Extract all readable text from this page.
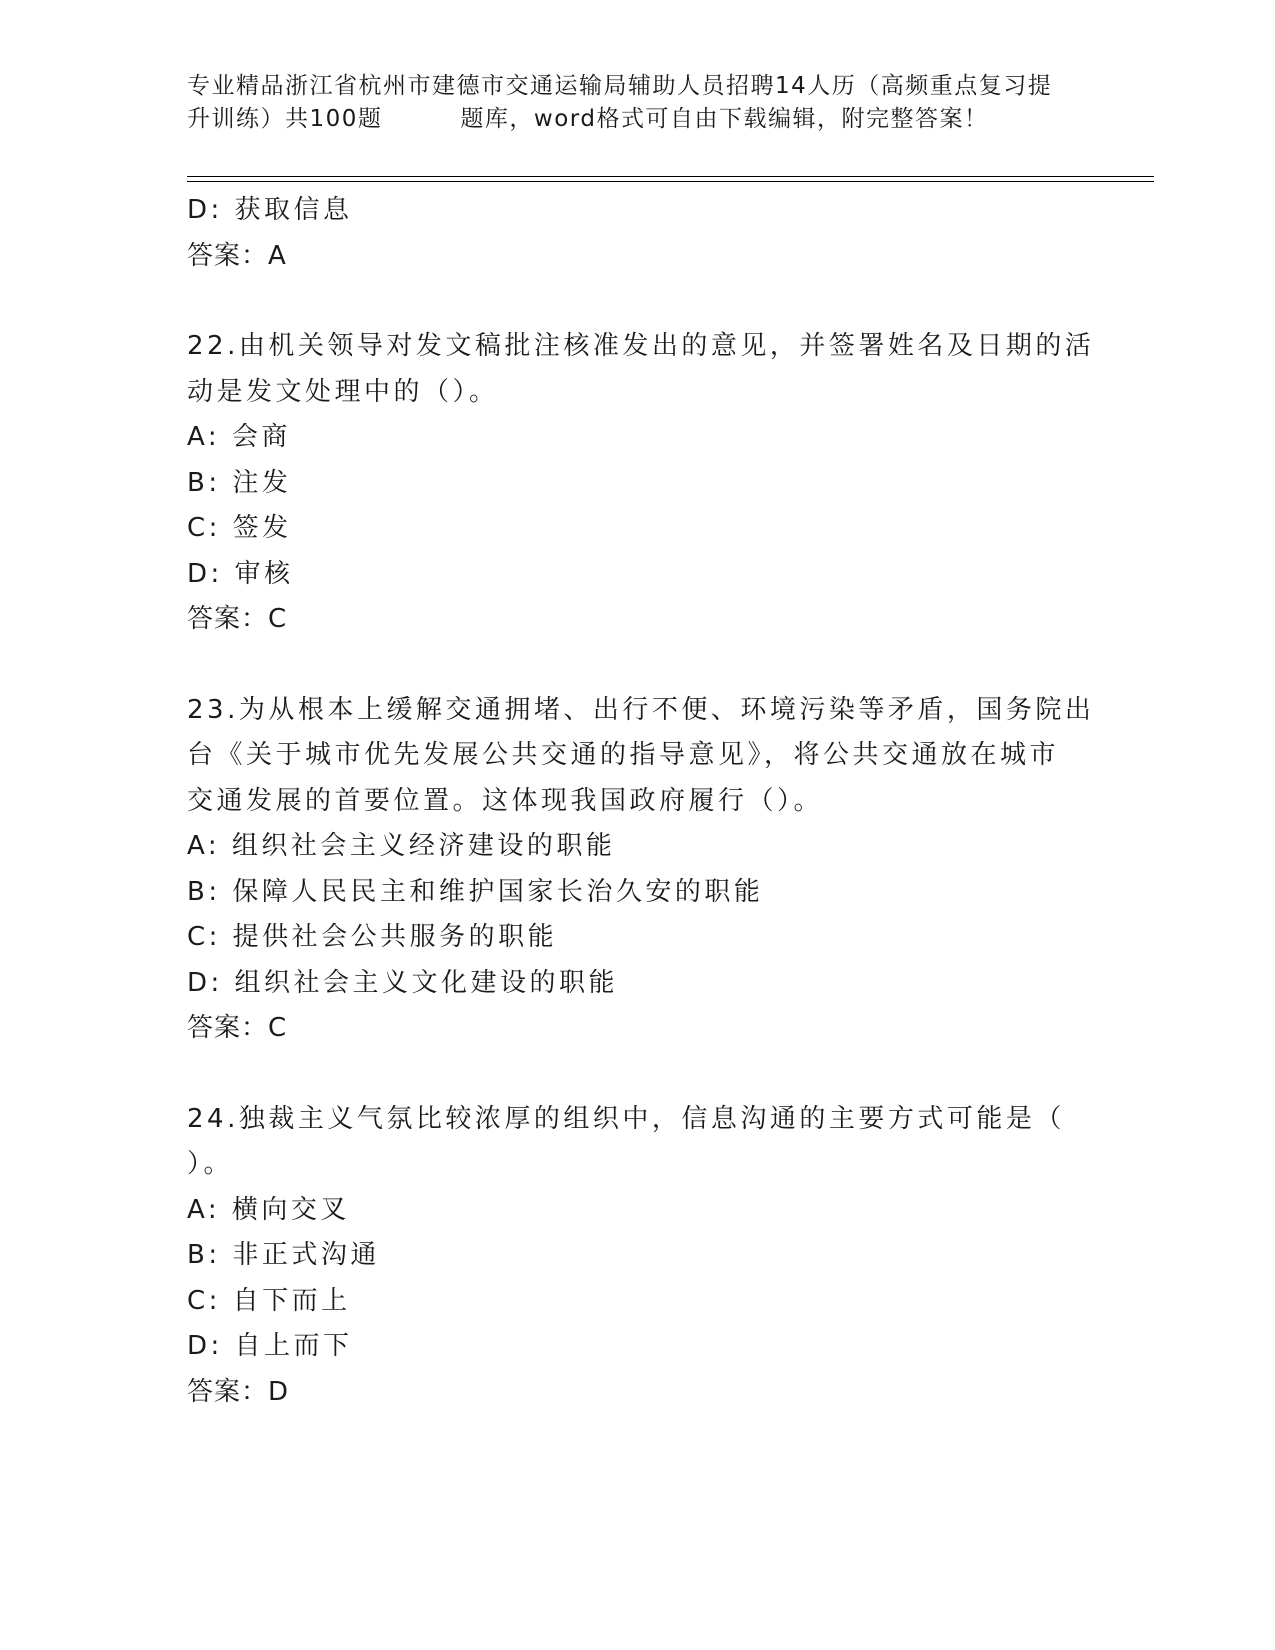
专业精品浙江省杭州市建德市交通运输局辅助人员招聘14人历（高频重点复习提
升训练）共100题	题库，word格式可自由下载编辑，附完整答案！
D: 获取信息
答案：A
22.由机关领导对发文稿批注核准发出的意见，并签署姓名及日期的活
动是发文处理中的（）。
A: 会商
B: 注发
C: 签发
D: 审核
答案：C
23.为从根本上缓解交通拥堵、出行不便、环境污染等矛盾，国务院出
台《关于城市优先发展公共交通的指导意见》，将公共交通放在城市
交通发展的首要位置。这体现我国政府履行（）。
A: 组织社会主义经济建设的职能
B: 保障人民民主和维护国家长治久安的职能
C: 提供社会公共服务的职能
D: 组织社会主义文化建设的职能
答案：C
24.独裁主义气氛比较浓厚的组织中，信息沟通的主要方式可能是（
）。
A: 横向交叉
B: 非正式沟通
C: 自下而上
D: 自上而下
答案：D
